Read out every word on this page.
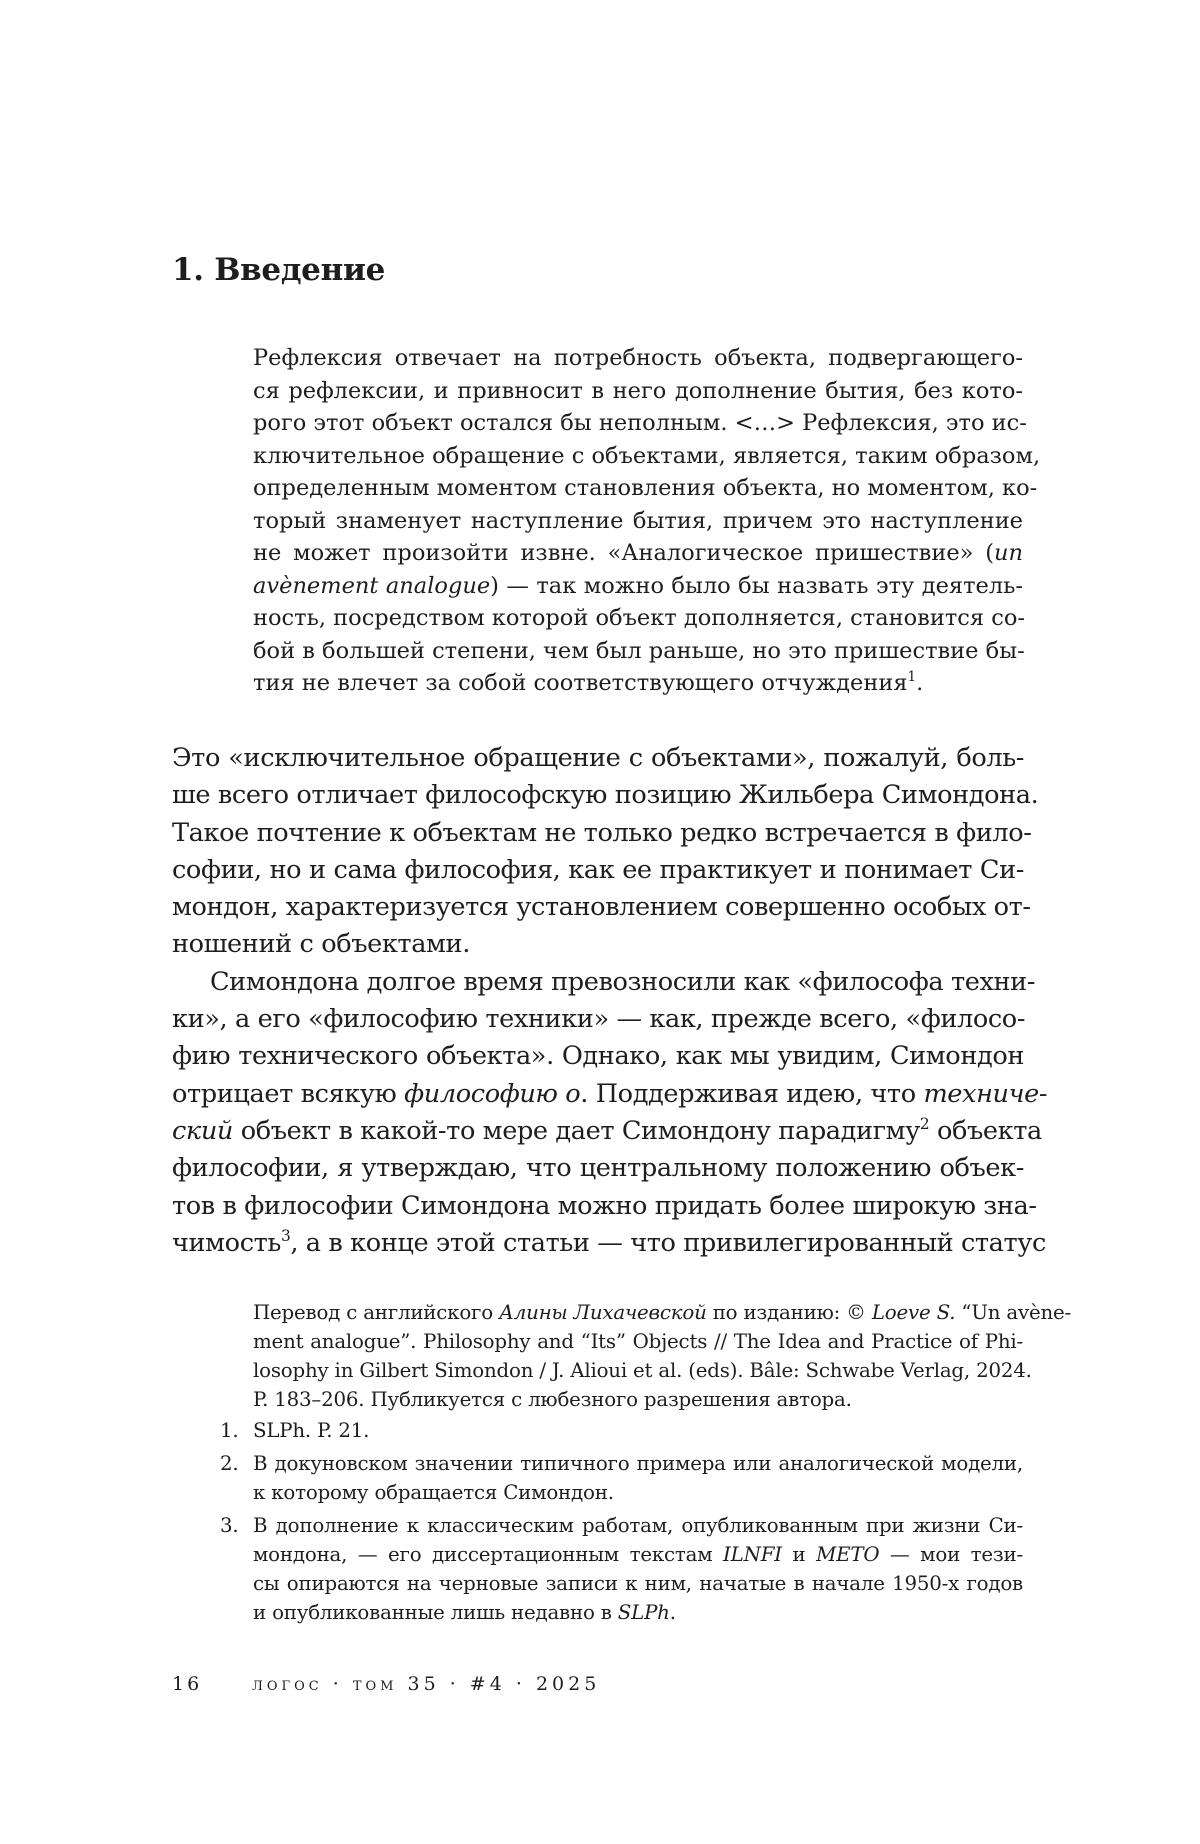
1. Введение
Рефлексия отвечает на потребность объекта, подвергающего-
ся рефлексии, и привносит в него дополнение бытия, без кото-
рого этот объект остался бы неполным. <…> Рефлексия, это ис-
ключительное обращение с объектами, является, таким образом,
определенным моментом становления объекта, но моментом, ко-
торый знаменует наступление бытия, причем это наступление
не может произойти извне. «Аналогическое пришествие» (un
avènement analogue) — так можно было бы назвать эту деятель-
ность, посредством которой объект дополняется, становится со-
бой в большей степени, чем был раньше, но это пришествие бы-
тия не влечет за собой соответствующего отчуждения$^1$.
Это «исключительное обращение с объектами», пожалуй, боль-
ше всего отличает философскую позицию Жильбера Симондона.
Такое почтение к объектам не только редко встречается в фило-
софии, но и сама философия, как ее практикует и понимает Си-
мондон, характеризуется установлением совершенно особых от-
ношений с объектами.
Симондона долгое время превозносили как «философа техни-
ки», а его «философию техники» — как, прежде всего, «филосо-
фию технического объекта». Однако, как мы увидим, Симондон
отрицает всякую философию о. Поддерживая идею, что техниче-
ский объект в какой-то мере дает Симондону парадигму$^2$ объекта
философии, я утверждаю, что центральному положению объек-
тов в философии Симондона можно придать более широкую зна-
чимость$^3$, а в конце этой статьи — что привилегированный статус
Перевод с английского Алины Лихачевской по изданию: © Loeve S. “Un avène-
ment analogue”. Philosophy and “Its” Objects // The Idea and Practice of Phi-
losophy in Gilbert Simondon / J. Alioui et al. (eds). Bâle: Schwabe Verlag, 2024.
P. 183–206. Публикуется с любезного разрешения автора.
1. SLPh. P. 21.
2. В докуновском значении типичного примера или аналогической модели,
к которому обращается Симондон.
3. В дополнение к классическим работам, опубликованным при жизни Си-
мондона, — его диссертационным текстам ILNFI и METO — мои тези-
сы опираются на черновые записи к ним, начатые в начале 1950-х годов
и опубликованные лишь недавно в SLPh.
16	логос · том 35 · #4 · 2025
